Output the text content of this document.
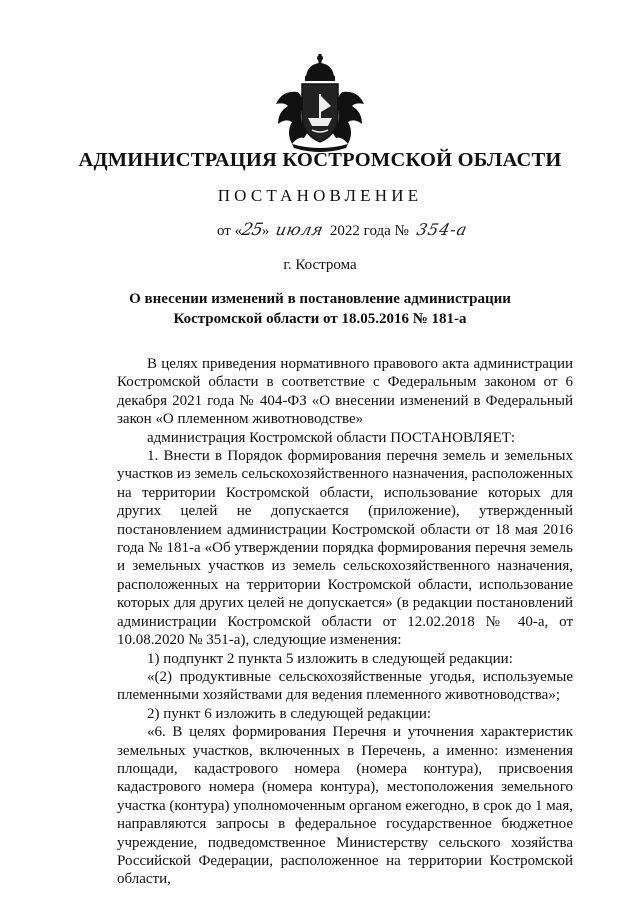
АДМИНИСТРАЦИЯ КОСТРОМСКОЙ ОБЛАСТИ
ПОСТАНОВЛЕНИЕ
от «25» июля 2022 года № 354-а
г. Кострома
О внесении изменений в постановление администрации
Костромской области от 18.05.2016 № 181-а

В целях приведения нормативного правового акта администрации Костромской области в соответствие с Федеральным законом от 6 декабря 2021 года № 404-ФЗ «О внесении изменений в Федеральный закон «О племенном животноводстве»

администрация Костромской области ПОСТАНОВЛЯЕТ:

1. Внести в Порядок формирования перечня земель и земельных участков из земель сельскохозяйственного назначения, расположенных на территории Костромской области, использование которых для других целей не допускается (приложение), утвержденный постановлением администрации Костромской области от 18 мая 2016 года № 181-а «Об утверждении порядка формирования перечня земель и земельных участков из земель сельскохозяйственного назначения, расположенных на территории Костромской области, использование которых для других целей не допускается» (в редакции постановлений администрации Костромской области от 12.02.2018 № 40-а, от 10.08.2020 № 351-а), следующие изменения:

1) подпункт 2 пункта 5 изложить в следующей редакции:

«(2) продуктивные сельскохозяйственные угодья, используемые племенными хозяйствами для ведения племенного животноводства»;

2) пункт 6 изложить в следующей редакции:

«6. В целях формирования Перечня и уточнения характеристик земельных участков, включенных в Перечень, а именно: изменения площади, кадастрового номера (номера контура), присвоения кадастрового номера (номера контура), местоположения земельного участка (контура) уполномоченным органом ежегодно, в срок до 1 мая, направляются запросы в федеральное государственное бюджетное учреждение, подведомственное Министерству сельского хозяйства Российской Федерации, расположенное на территории Костромской области,
